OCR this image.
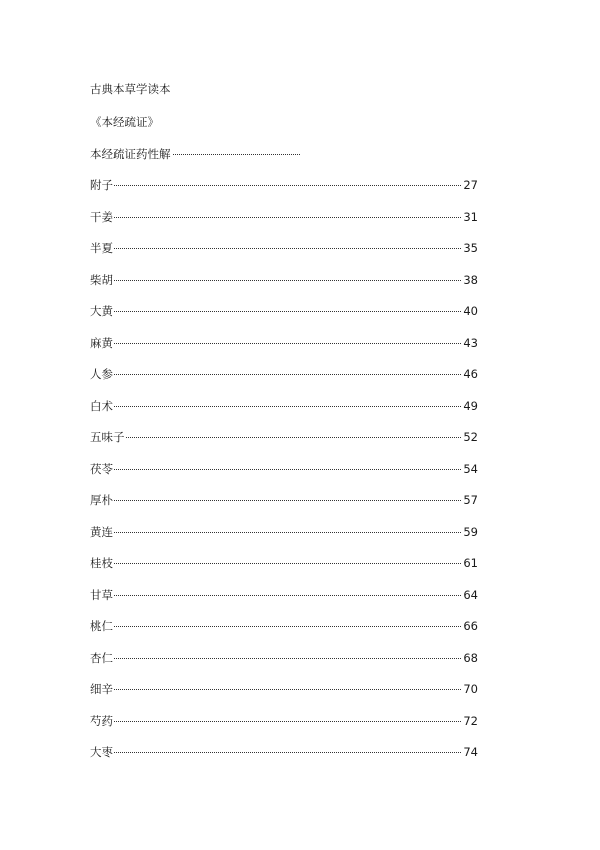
古典本草学读本
《本经疏证》
本经疏证药性解
附子	27
干姜	31
半夏	35
柴胡	38
大黄	40
麻黄	43
人参	46
白术	49
五味子	52
茯苓	54
厚朴	57
黄连	59
桂枝	61
甘草	64
桃仁	66
杏仁	68
细辛	70
芍药	72
大枣	74
